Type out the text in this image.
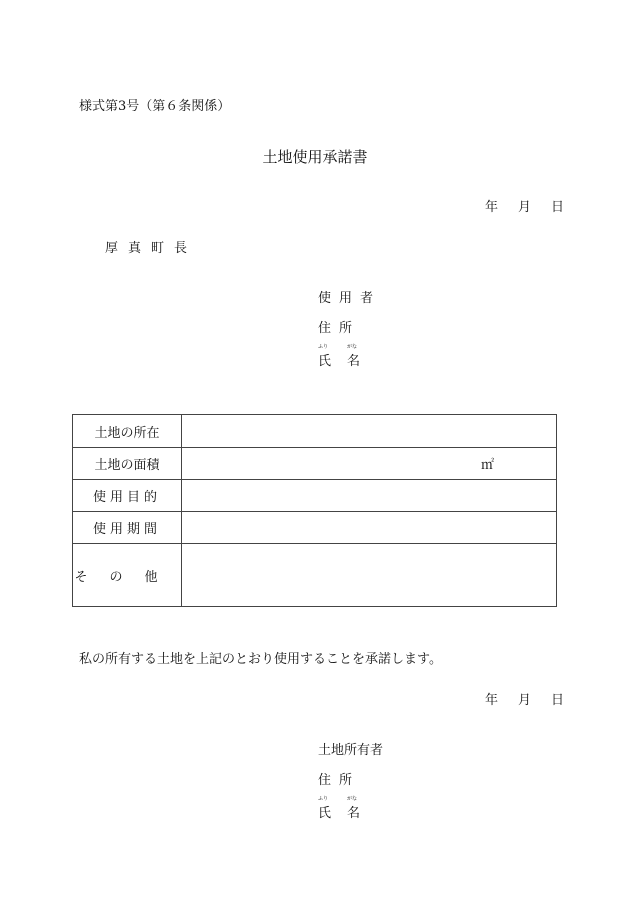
様式第3号（第６条関係）
土地使用承諾書
年 月 日
厚真町長
使用者
住所
ふり
氏
がな
名
土地の所在	
土地の面積	㎡

使用目的	
使用期間	
その他	
私の所有する土地を上記のとおり使用することを承諾します。
年 月 日
土地所有者
住所
ふり
氏
がな
名
